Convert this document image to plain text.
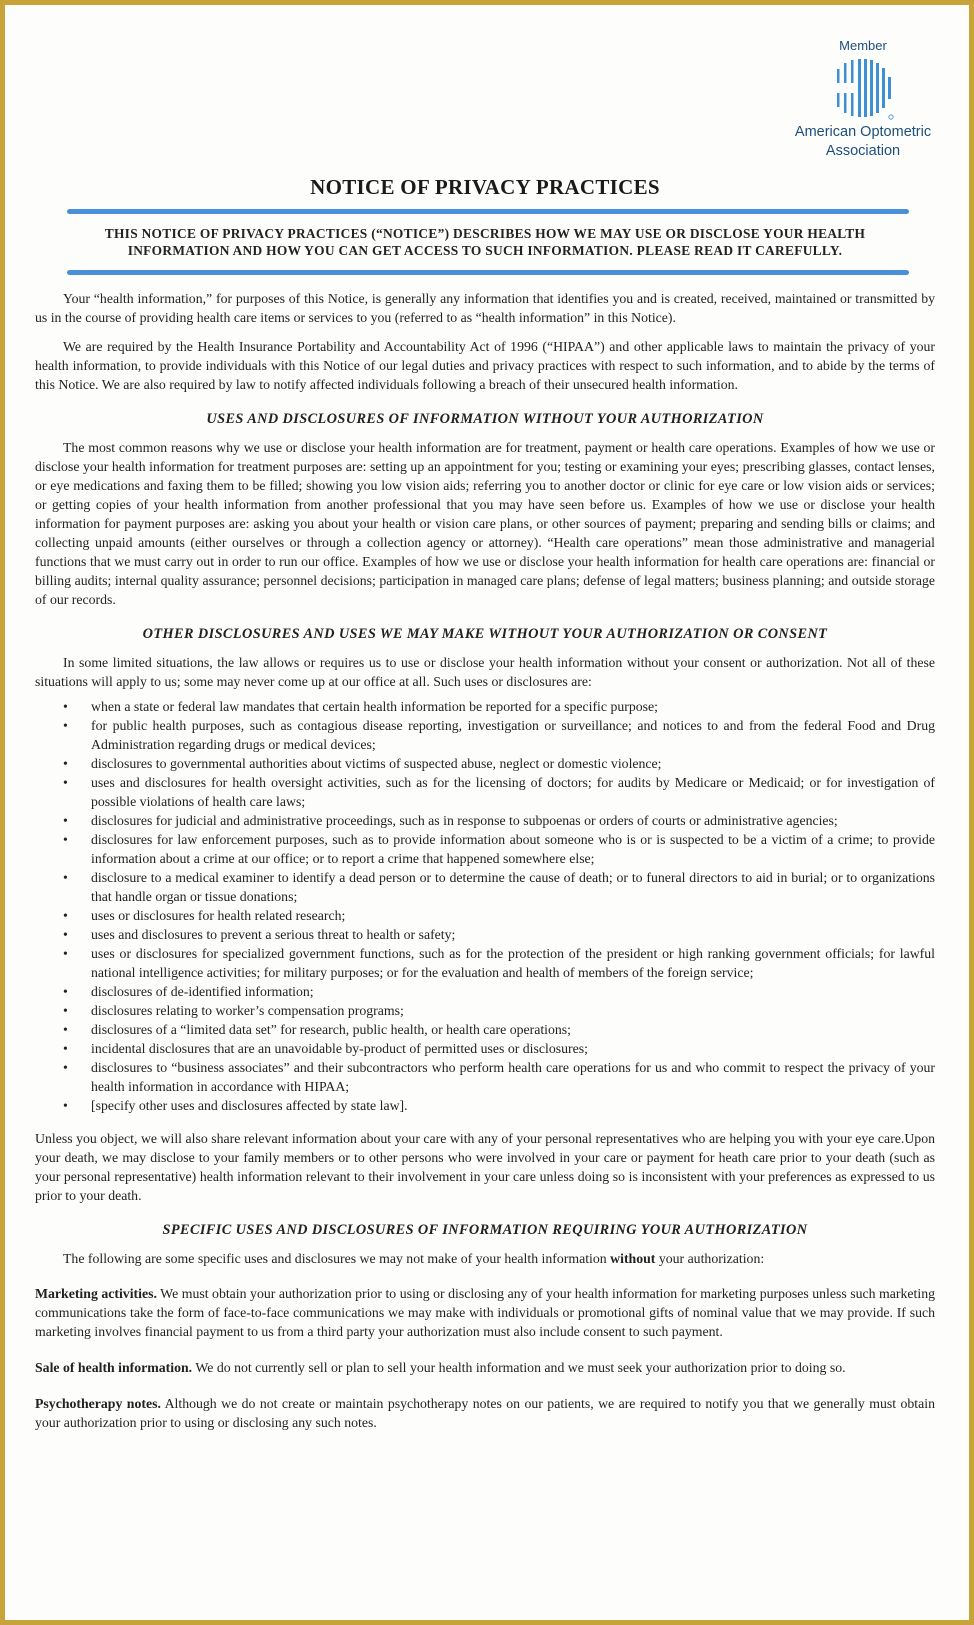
Member
American Optometric
Association
NOTICE OF PRIVACY PRACTICES
THIS NOTICE OF PRIVACY PRACTICES (“NOTICE”) DESCRIBES HOW WE MAY USE OR DISCLOSE YOUR HEALTH
INFORMATION AND HOW YOU CAN GET ACCESS TO SUCH INFORMATION. PLEASE READ IT CAREFULLY.

Your “health information,” for purposes of this Notice, is generally any information that identifies you and is created, received, maintained or transmitted by us in the course of providing health care items or services to you (referred to as “health information” in this Notice).

We are required by the Health Insurance Portability and Accountability Act of 1996 (“HIPAA”) and other applicable laws to maintain the privacy of your health information, to provide individuals with this Notice of our legal duties and privacy practices with respect to such information, and to abide by the terms of this Notice. We are also required by law to notify affected individuals following a breach of their unsecured health information.

USES AND DISCLOSURES OF INFORMATION WITHOUT YOUR AUTHORIZATION

The most common reasons why we use or disclose your health information are for treatment, payment or health care operations. Examples of how we use or disclose your health information for treatment purposes are: setting up an appointment for you; testing or examining your eyes; prescribing glasses, contact lenses, or eye medications and faxing them to be filled; showing you low vision aids; referring you to another doctor or clinic for eye care or low vision aids or services; or getting copies of your health information from another professional that you may have seen before us. Examples of how we use or disclose your health information for payment purposes are: asking you about your health or vision care plans, or other sources of payment; preparing and sending bills or claims; and collecting unpaid amounts (either ourselves or through a collection agency or attorney). “Health care operations” mean those administrative and managerial functions that we must carry out in order to run our office. Examples of how we use or disclose your health information for health care operations are: financial or billing audits; internal quality assurance; personnel decisions; participation in managed care plans; defense of legal matters; business planning; and outside storage of our records.

OTHER DISCLOSURES AND USES WE MAY MAKE WITHOUT YOUR AUTHORIZATION OR CONSENT

In some limited situations, the law allows or requires us to use or disclose your health information without your consent or authorization. Not all of these situations will apply to us; some may never come up at our office at all. Such uses or disclosures are:

• when a state or federal law mandates that certain health information be reported for a specific purpose;
• for public health purposes, such as contagious disease reporting, investigation or surveillance; and notices to and from the federal Food and Drug Administration regarding drugs or medical devices;
• disclosures to governmental authorities about victims of suspected abuse, neglect or domestic violence;
• uses and disclosures for health oversight activities, such as for the licensing of doctors; for audits by Medicare or Medicaid; or for investigation of possible violations of health care laws;
• disclosures for judicial and administrative proceedings, such as in response to subpoenas or orders of courts or administrative agencies;
• disclosures for law enforcement purposes, such as to provide information about someone who is or is suspected to be a victim of a crime; to provide information about a crime at our office; or to report a crime that happened somewhere else;
• disclosure to a medical examiner to identify a dead person or to determine the cause of death; or to funeral directors to aid in burial; or to organizations that handle organ or tissue donations;
• uses or disclosures for health related research;
• uses and disclosures to prevent a serious threat to health or safety;
• uses or disclosures for specialized government functions, such as for the protection of the president or high ranking government officials; for lawful national intelligence activities; for military purposes; or for the evaluation and health of members of the foreign service;
• disclosures of de-identified information;
• disclosures relating to worker’s compensation programs;
• disclosures of a “limited data set” for research, public health, or health care operations;
• incidental disclosures that are an unavoidable by-product of permitted uses or disclosures;
• disclosures to “business associates” and their subcontractors who perform health care operations for us and who commit to respect the privacy of your health information in accordance with HIPAA;
• [specify other uses and disclosures affected by state law].

Unless you object, we will also share relevant information about your care with any of your personal representatives who are helping you with your eye care.Upon your death, we may disclose to your family members or to other persons who were involved in your care or payment for heath care prior to your death (such as your personal representative) health information relevant to their involvement in your care unless doing so is inconsistent with your preferences as expressed to us prior to your death.

SPECIFIC USES AND DISCLOSURES OF INFORMATION REQUIRING YOUR AUTHORIZATION

The following are some specific uses and disclosures we may not make of your health information without your authorization:

Marketing activities. We must obtain your authorization prior to using or disclosing any of your health information for marketing purposes unless such marketing communications take the form of face-to-face communications we may make with individuals or promotional gifts of nominal value that we may provide. If such marketing involves financial payment to us from a third party your authorization must also include consent to such payment.

Sale of health information. We do not currently sell or plan to sell your health information and we must seek your authorization prior to doing so.

Psychotherapy notes. Although we do not create or maintain psychotherapy notes on our patients, we are required to notify you that we generally must obtain your authorization prior to using or disclosing any such notes.
